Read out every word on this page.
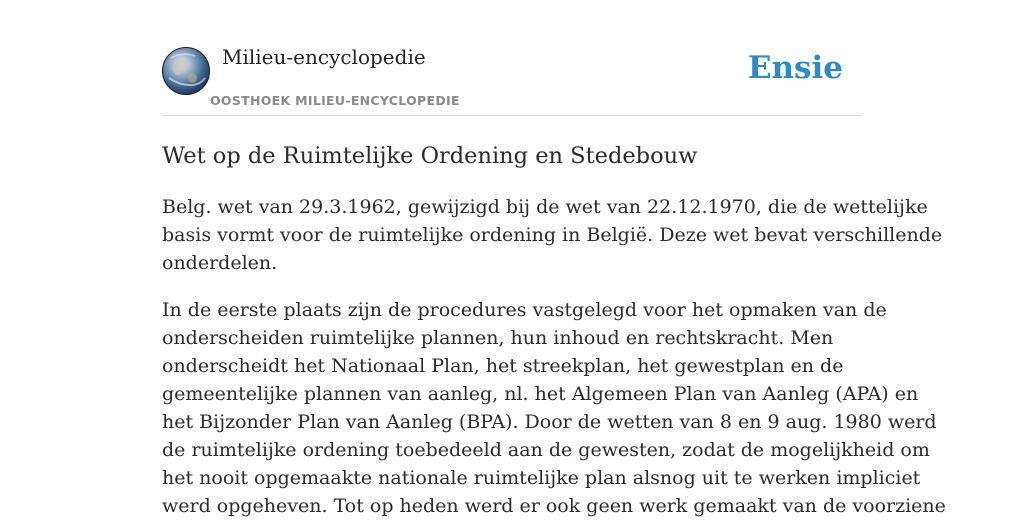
Milieu-encyclopedie
OOSTHOEK MILIEU-ENCYCLOPEDIE
Ensie
Wet op de Ruimtelijke Ordening en Stedebouw

Belg. wet van 29.3.1962, gewijzigd bij de wet van 22.12.1970, die de wettelijke
basis vormt voor de ruimtelijke ordening in België. Deze wet bevat verschillende
onderdelen.

In de eerste plaats zijn de procedures vastgelegd voor het opmaken van de
onderscheiden ruimtelijke plannen, hun inhoud en rechtskracht. Men
onderscheidt het Nationaal Plan, het streekplan, het gewestplan en de
gemeentelijke plannen van aanleg, nl. het Algemeen Plan van Aanleg (APA) en
het Bijzonder Plan van Aanleg (BPA). Door de wetten van 8 en 9 aug. 1980 werd
de ruimtelijke ordening toebedeeld aan de gewesten, zodat de mogelijkheid om
het nooit opgemaakte nationale ruimtelijke plan alsnog uit te werken impliciet
werd opgeheven. Tot op heden werd er ook geen werk gemaakt van de voorziene
